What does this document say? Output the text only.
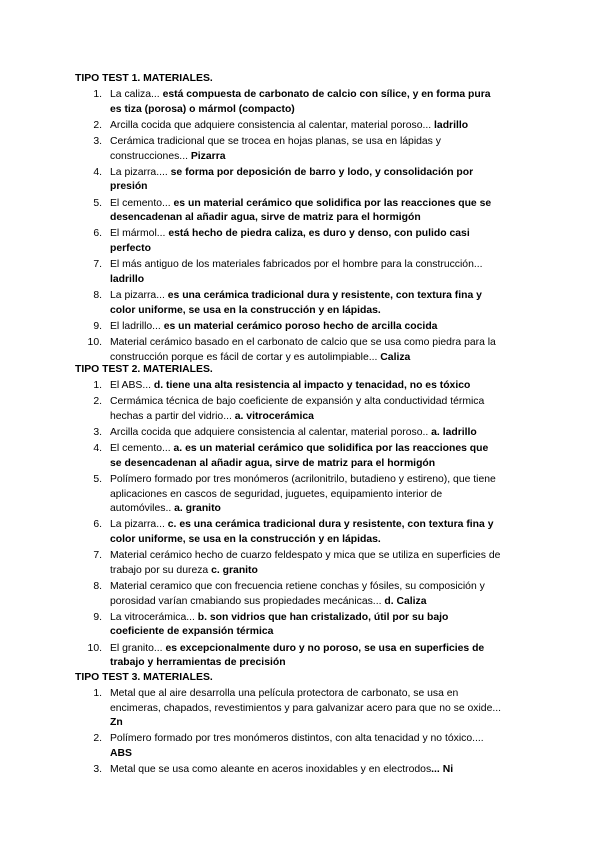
TIPO TEST 1. MATERIALES.
1. La caliza... está compuesta de carbonato de calcio con sílice, y en forma pura
es tiza (porosa) o mármol (compacto)
2. Arcilla cocida que adquiere consistencia al calentar, material poroso... ladrillo
3. Cerámica tradicional que se trocea en hojas planas, se usa en lápidas y
construcciones... Pizarra
4. La pizarra.... se forma por deposición de barro y lodo, y consolidación por
presión
5. El cemento... es un material cerámico que solidifica por las reacciones que se
desencadenan al añadir agua, sirve de matriz para el hormigón
6. El mármol... está hecho de piedra caliza, es duro y denso, con pulido casi
perfecto
7. El más antiguo de los materiales fabricados por el hombre para la construcción...
ladrillo
8. La pizarra... es una cerámica tradicional dura y resistente, con textura fina y
color uniforme, se usa en la construcción y en lápidas.
9. El ladrillo... es un material cerámico poroso hecho de arcilla cocida
10. Material cerámico basado en el carbonato de calcio que se usa como piedra para la
construcción porque es fácil de cortar y es autolimpiable... Caliza
TIPO TEST 2. MATERIALES.
1. El ABS... d. tiene una alta resistencia al impacto y tenacidad, no es tóxico
2. Cermámica técnica de bajo coeficiente de expansión y alta conductividad térmica
hechas a partir del vidrio... a. vitrocerámica
3. Arcilla cocida que adquiere consistencia al calentar, material poroso.. a. ladrillo
4. El cemento... a. es un material cerámico que solidifica por las reacciones que
se desencadenan al añadir agua, sirve de matriz para el hormigón
5. Polímero formado por tres monómeros (acrilonitrilo, butadieno y estireno), que tiene
aplicaciones en cascos de seguridad, juguetes, equipamiento interior de
automóviles.. a. granito
6. La pizarra... c. es una cerámica tradicional dura y resistente, con textura fina y
color uniforme, se usa en la construcción y en lápidas.
7. Material cerámico hecho de cuarzo feldespato y mica que se utiliza en superficies de
trabajo por su dureza c. granito
8. Material ceramico que con frecuencia retiene conchas y fósiles, su composición y
porosidad varían cmabiando sus propiedades mecánicas... d. Caliza
9. La vitrocerámica... b. son vidrios que han cristalizado, útil por su bajo
coeficiente de expansión térmica
10. El granito... es excepcionalmente duro y no poroso, se usa en superficies de
trabajo y herramientas de precisión
TIPO TEST 3. MATERIALES.
1. Metal que al aire desarrolla una película protectora de carbonato, se usa en
encimeras, chapados, revestimientos y para galvanizar acero para que no se oxide...
Zn
2. Polímero formado por tres monómeros distintos, con alta tenacidad y no tóxico....
ABS
3. Metal que se usa como aleante en aceros inoxidables y en electrodos... Ni
